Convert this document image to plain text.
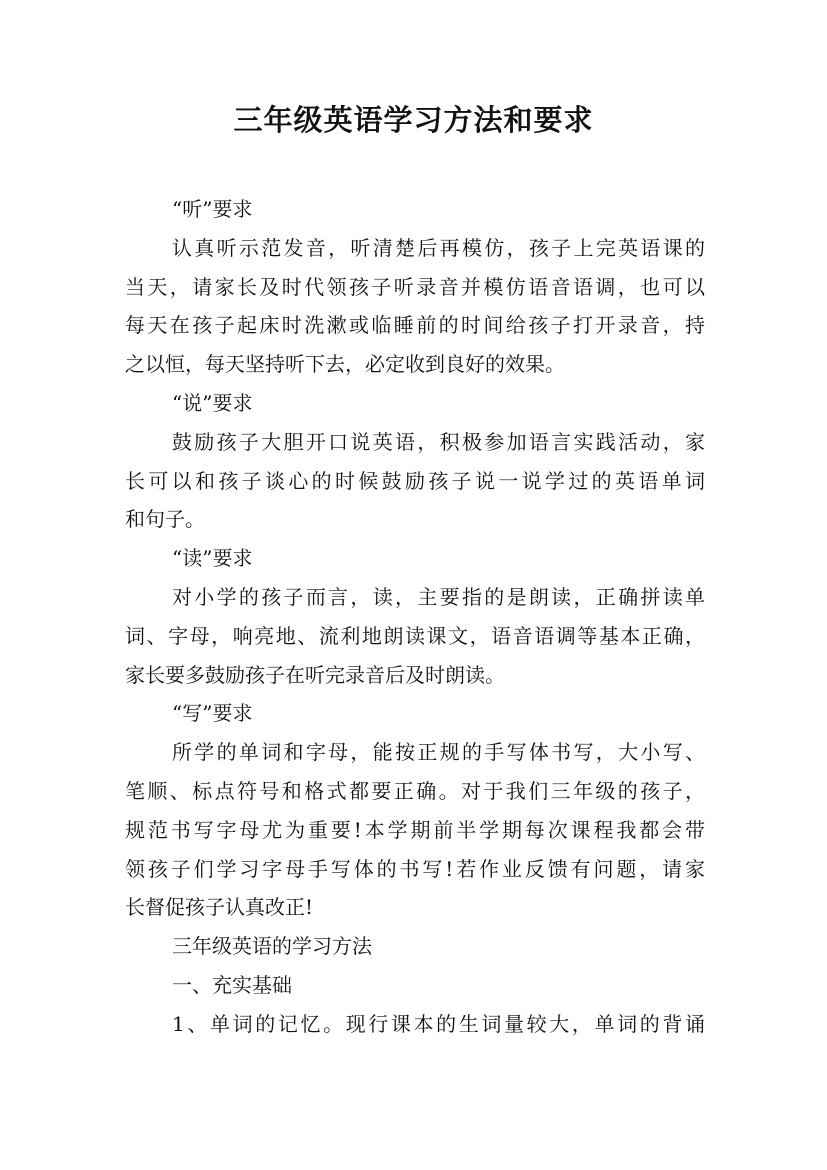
三年级英语学习方法和要求
“听”要求
认真听示范发音，听清楚后再模仿，孩子上完英语课的
当天，请家长及时代领孩子听录音并模仿语音语调，也可以
每天在孩子起床时洗漱或临睡前的时间给孩子打开录音，持
之以恒，每天坚持听下去，必定收到良好的效果。
“说”要求
鼓励孩子大胆开口说英语，积极参加语言实践活动，家
长可以和孩子谈心的时候鼓励孩子说一说学过的英语单词
和句子。
“读”要求
对小学的孩子而言，读，主要指的是朗读，正确拼读单
词、字母，响亮地、流利地朗读课文，语音语调等基本正确，
家长要多鼓励孩子在听完录音后及时朗读。
“写”要求
所学的单词和字母，能按正规的手写体书写，大小写、
笔顺、标点符号和格式都要正确。对于我们三年级的孩子，
规范书写字母尤为重要!本学期前半学期每次课程我都会带
领孩子们学习字母手写体的书写!若作业反馈有问题，请家
长督促孩子认真改正!
三年级英语的学习方法
一、充实基础
1、单词的记忆。现行课本的生词量较大，单词的背诵
